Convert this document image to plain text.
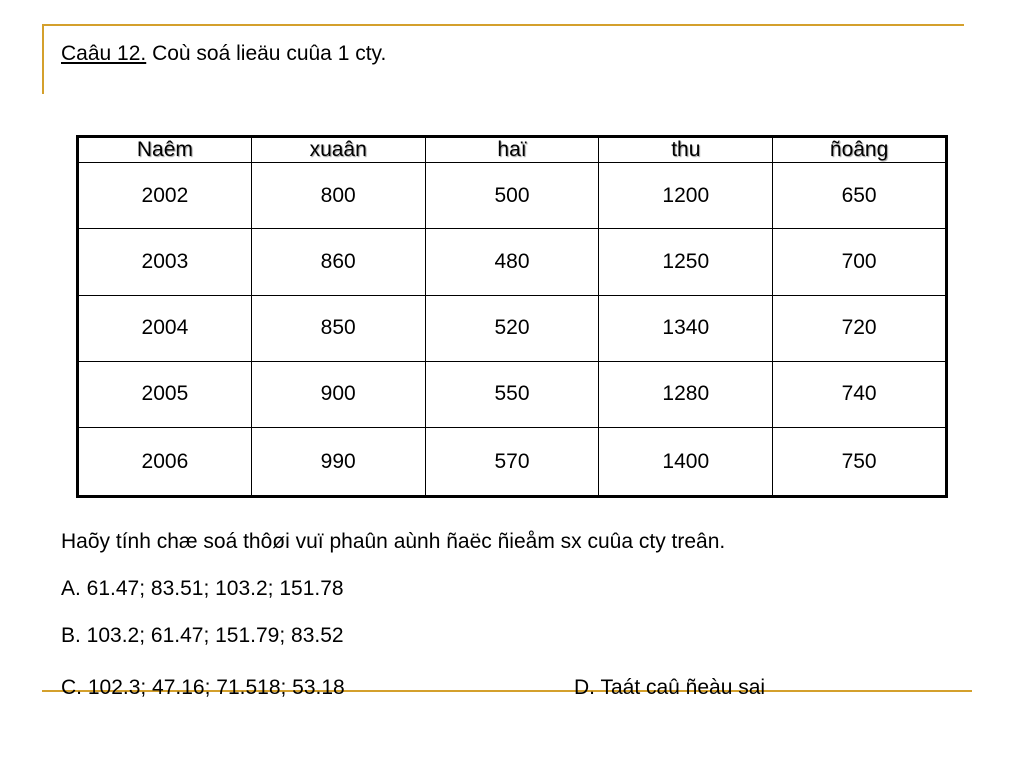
Caâu 12. Coù soá lieäu cuûa 1 cty.
Naêm	xuaân	haï	thu	ñoâng
2002	800	500	1200	650
2003	860	480	1250	700
2004	850	520	1340	720
2005	900	550	1280	740
2006	990	570	1400	750
Haõy tính chæ soá thôøi vuï phaûn aùnh ñaëc ñieåm sx cuûa cty treân.
A. 61.47; 83.51; 103.2; 151.78
B. 103.2; 61.47; 151.79; 83.52
C. 102.3; 47.16; 71.518; 53.18	D. Taát caû ñeàu sai
